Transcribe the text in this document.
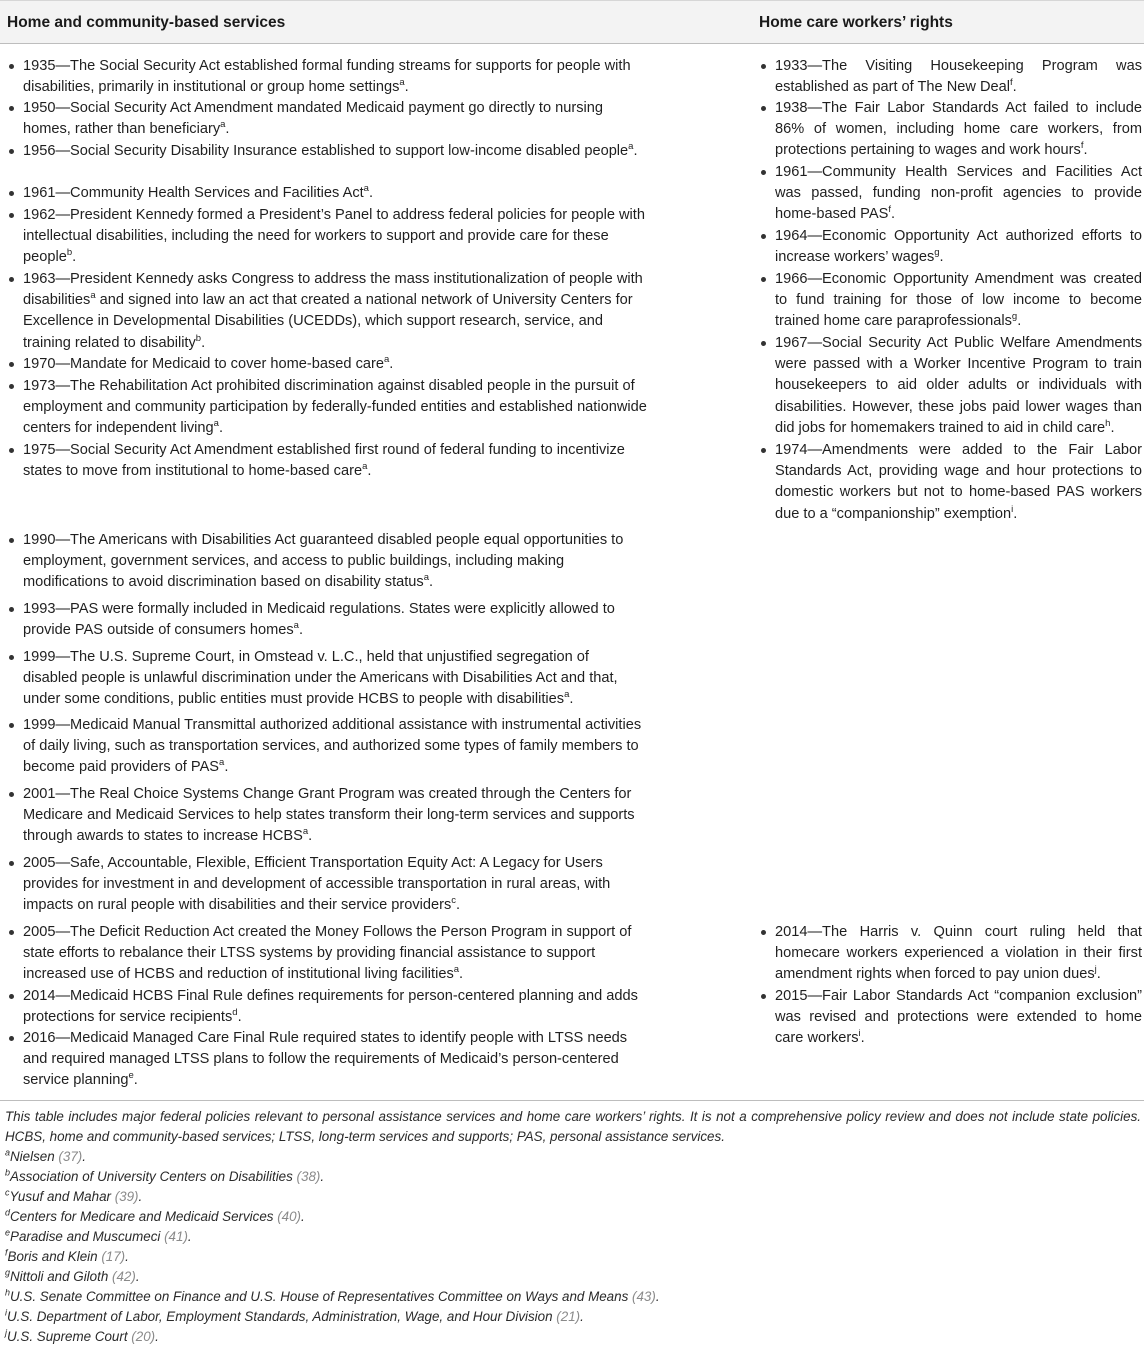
Home and community-based services	Home care workers’ rights
1935—The Social Security Act established formal funding streams for supports for people with disabilities, primarily in institutional or group home settings$^a$.
1950—Social Security Act Amendment mandated Medicaid payment go directly to nursing homes, rather than beneficiary$^a$.
1956—Social Security Disability Insurance established to support low-income disabled people$^a$.
1961—Community Health Services and Facilities Act$^a$.
1962—President Kennedy formed a President’s Panel to address federal policies for people with intellectual disabilities, including the need for workers to support and provide care for these people$^b$.
1963—President Kennedy asks Congress to address the mass institutionalization of people with disabilities$^a$ and signed into law an act that created a national network of University Centers for Excellence in Developmental Disabilities (UCEDDs), which support research, service, and training related to disability$^b$.
1970—Mandate for Medicaid to cover home-based care$^a$.
1973—The Rehabilitation Act prohibited discrimination against disabled people in the pursuit of employment and community participation by federally-funded entities and established nationwide centers for independent living$^a$.
1975—Social Security Act Amendment established first round of federal funding to incentivize states to move from institutional to home-based care$^a$.
1990—The Americans with Disabilities Act guaranteed disabled people equal opportunities to employment, government services, and access to public buildings, including making modifications to avoid discrimination based on disability status$^a$.
1993—PAS were formally included in Medicaid regulations. States were explicitly allowed to provide PAS outside of consumers homes$^a$.
1999—The U.S. Supreme Court, in Omstead v. L.C., held that unjustified segregation of disabled people is unlawful discrimination under the Americans with Disabilities Act and that, under some conditions, public entities must provide HCBS to people with disabilities$^a$.
1999—Medicaid Manual Transmittal authorized additional assistance with instrumental activities of daily living, such as transportation services, and authorized some types of family members to become paid providers of PAS$^a$.
2001—The Real Choice Systems Change Grant Program was created through the Centers for Medicare and Medicaid Services to help states transform their long-term services and supports through awards to states to increase HCBS$^a$.
2005—Safe, Accountable, Flexible, Efficient Transportation Equity Act: A Legacy for Users provides for investment in and development of accessible transportation in rural areas, with impacts on rural people with disabilities and their service providers$^c$.
2005—The Deficit Reduction Act created the Money Follows the Person Program in support of state efforts to rebalance their LTSS systems by providing financial assistance to support increased use of HCBS and reduction of institutional living facilities$^a$.
2014—Medicaid HCBS Final Rule defines requirements for person-centered planning and adds protections for service recipients$^d$.
2016—Medicaid Managed Care Final Rule required states to identify people with LTSS needs and required managed LTSS plans to follow the requirements of Medicaid’s person-centered service planning$^e$.
1933—The Visiting Housekeeping Program was established as part of The New Deal$^f$.
1938—The Fair Labor Standards Act failed to include 86% of women, including home care workers, from protections pertaining to wages and work hours$^f$.
1961—Community Health Services and Facilities Act was passed, funding non-profit agencies to provide home-based PAS$^f$.
1964—Economic Opportunity Act authorized efforts to increase workers’ wages$^g$.
1966—Economic Opportunity Amendment was created to fund training for those of low income to become trained home care paraprofessionals$^g$.
1967—Social Security Act Public Welfare Amendments were passed with a Worker Incentive Program to train housekeepers to aid older adults or individuals with disabilities. However, these jobs paid lower wages than did jobs for homemakers trained to aid in child care$^h$.
1974—Amendments were added to the Fair Labor Standards Act, providing wage and hour protections to domestic workers but not to home-based PAS workers due to a “companionship” exemption$^i$.
2014—The Harris v. Quinn court ruling held that homecare workers experienced a violation in their first amendment rights when forced to pay union dues$^j$.
2015—Fair Labor Standards Act “companion exclusion” was revised and protections were extended to home care workers$^i$.
This table includes major federal policies relevant to personal assistance services and home care workers’ rights. It is not a comprehensive policy review and does not include state policies. HCBS, home and community-based services; LTSS, long-term services and supports; PAS, personal assistance services.
$^a$Nielsen (37).
$^b$Association of University Centers on Disabilities (38).
$^c$Yusuf and Mahar (39).
$^d$Centers for Medicare and Medicaid Services (40).
$^e$Paradise and Muscumeci (41).
$^f$Boris and Klein (17).
$^g$Nittoli and Giloth (42).
$^h$U.S. Senate Committee on Finance and U.S. House of Representatives Committee on Ways and Means (43).
$^i$U.S. Department of Labor, Employment Standards, Administration, Wage, and Hour Division (21).
$^j$U.S. Supreme Court (20).
